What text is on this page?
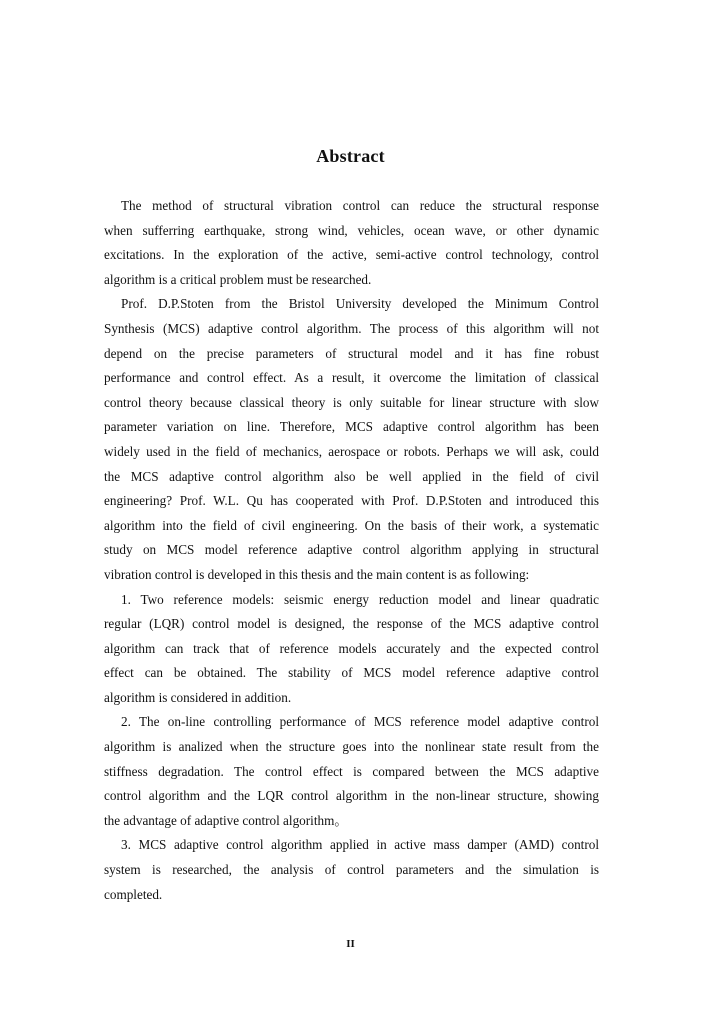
Abstract
The method of structural vibration control can reduce the structural response
when sufferring earthquake, strong wind, vehicles, ocean wave, or other dynamic
excitations. In the exploration of the active, semi-active control technology, control
algorithm is a critical problem must be researched.
Prof. D.P.Stoten from the Bristol University developed the Minimum Control
Synthesis (MCS) adaptive control algorithm. The process of this algorithm will not
depend on the precise parameters of structural model and it has fine robust
performance and control effect. As a result, it overcome the limitation of classical
control theory because classical theory is only suitable for linear structure with slow
parameter variation on line. Therefore, MCS adaptive control algorithm has been
widely used in the field of mechanics, aerospace or robots. Perhaps we will ask, could
the MCS adaptive control algorithm also be well applied in the field of civil
engineering? Prof. W.L. Qu has cooperated with Prof. D.P.Stoten and introduced this
algorithm into the field of civil engineering. On the basis of their work, a systematic
study on MCS model reference adaptive control algorithm applying in structural
vibration control is developed in this thesis and the main content is as following:
1. Two reference models: seismic energy reduction model and linear quadratic
regular (LQR) control model is designed, the response of the MCS adaptive control
algorithm can track that of reference models accurately and the expected control
effect can be obtained. The stability of MCS model reference adaptive control
algorithm is considered in addition.
2. The on-line controlling performance of MCS reference model adaptive control
algorithm is analized when the structure goes into the nonlinear state result from the
stiffness degradation. The control effect is compared between the MCS adaptive
control algorithm and the LQR control algorithm in the non-linear structure, showing
the advantage of adaptive control algorithm。
3. MCS adaptive control algorithm applied in active mass damper (AMD) control
system is researched, the analysis of control parameters and the simulation is
completed.
II
